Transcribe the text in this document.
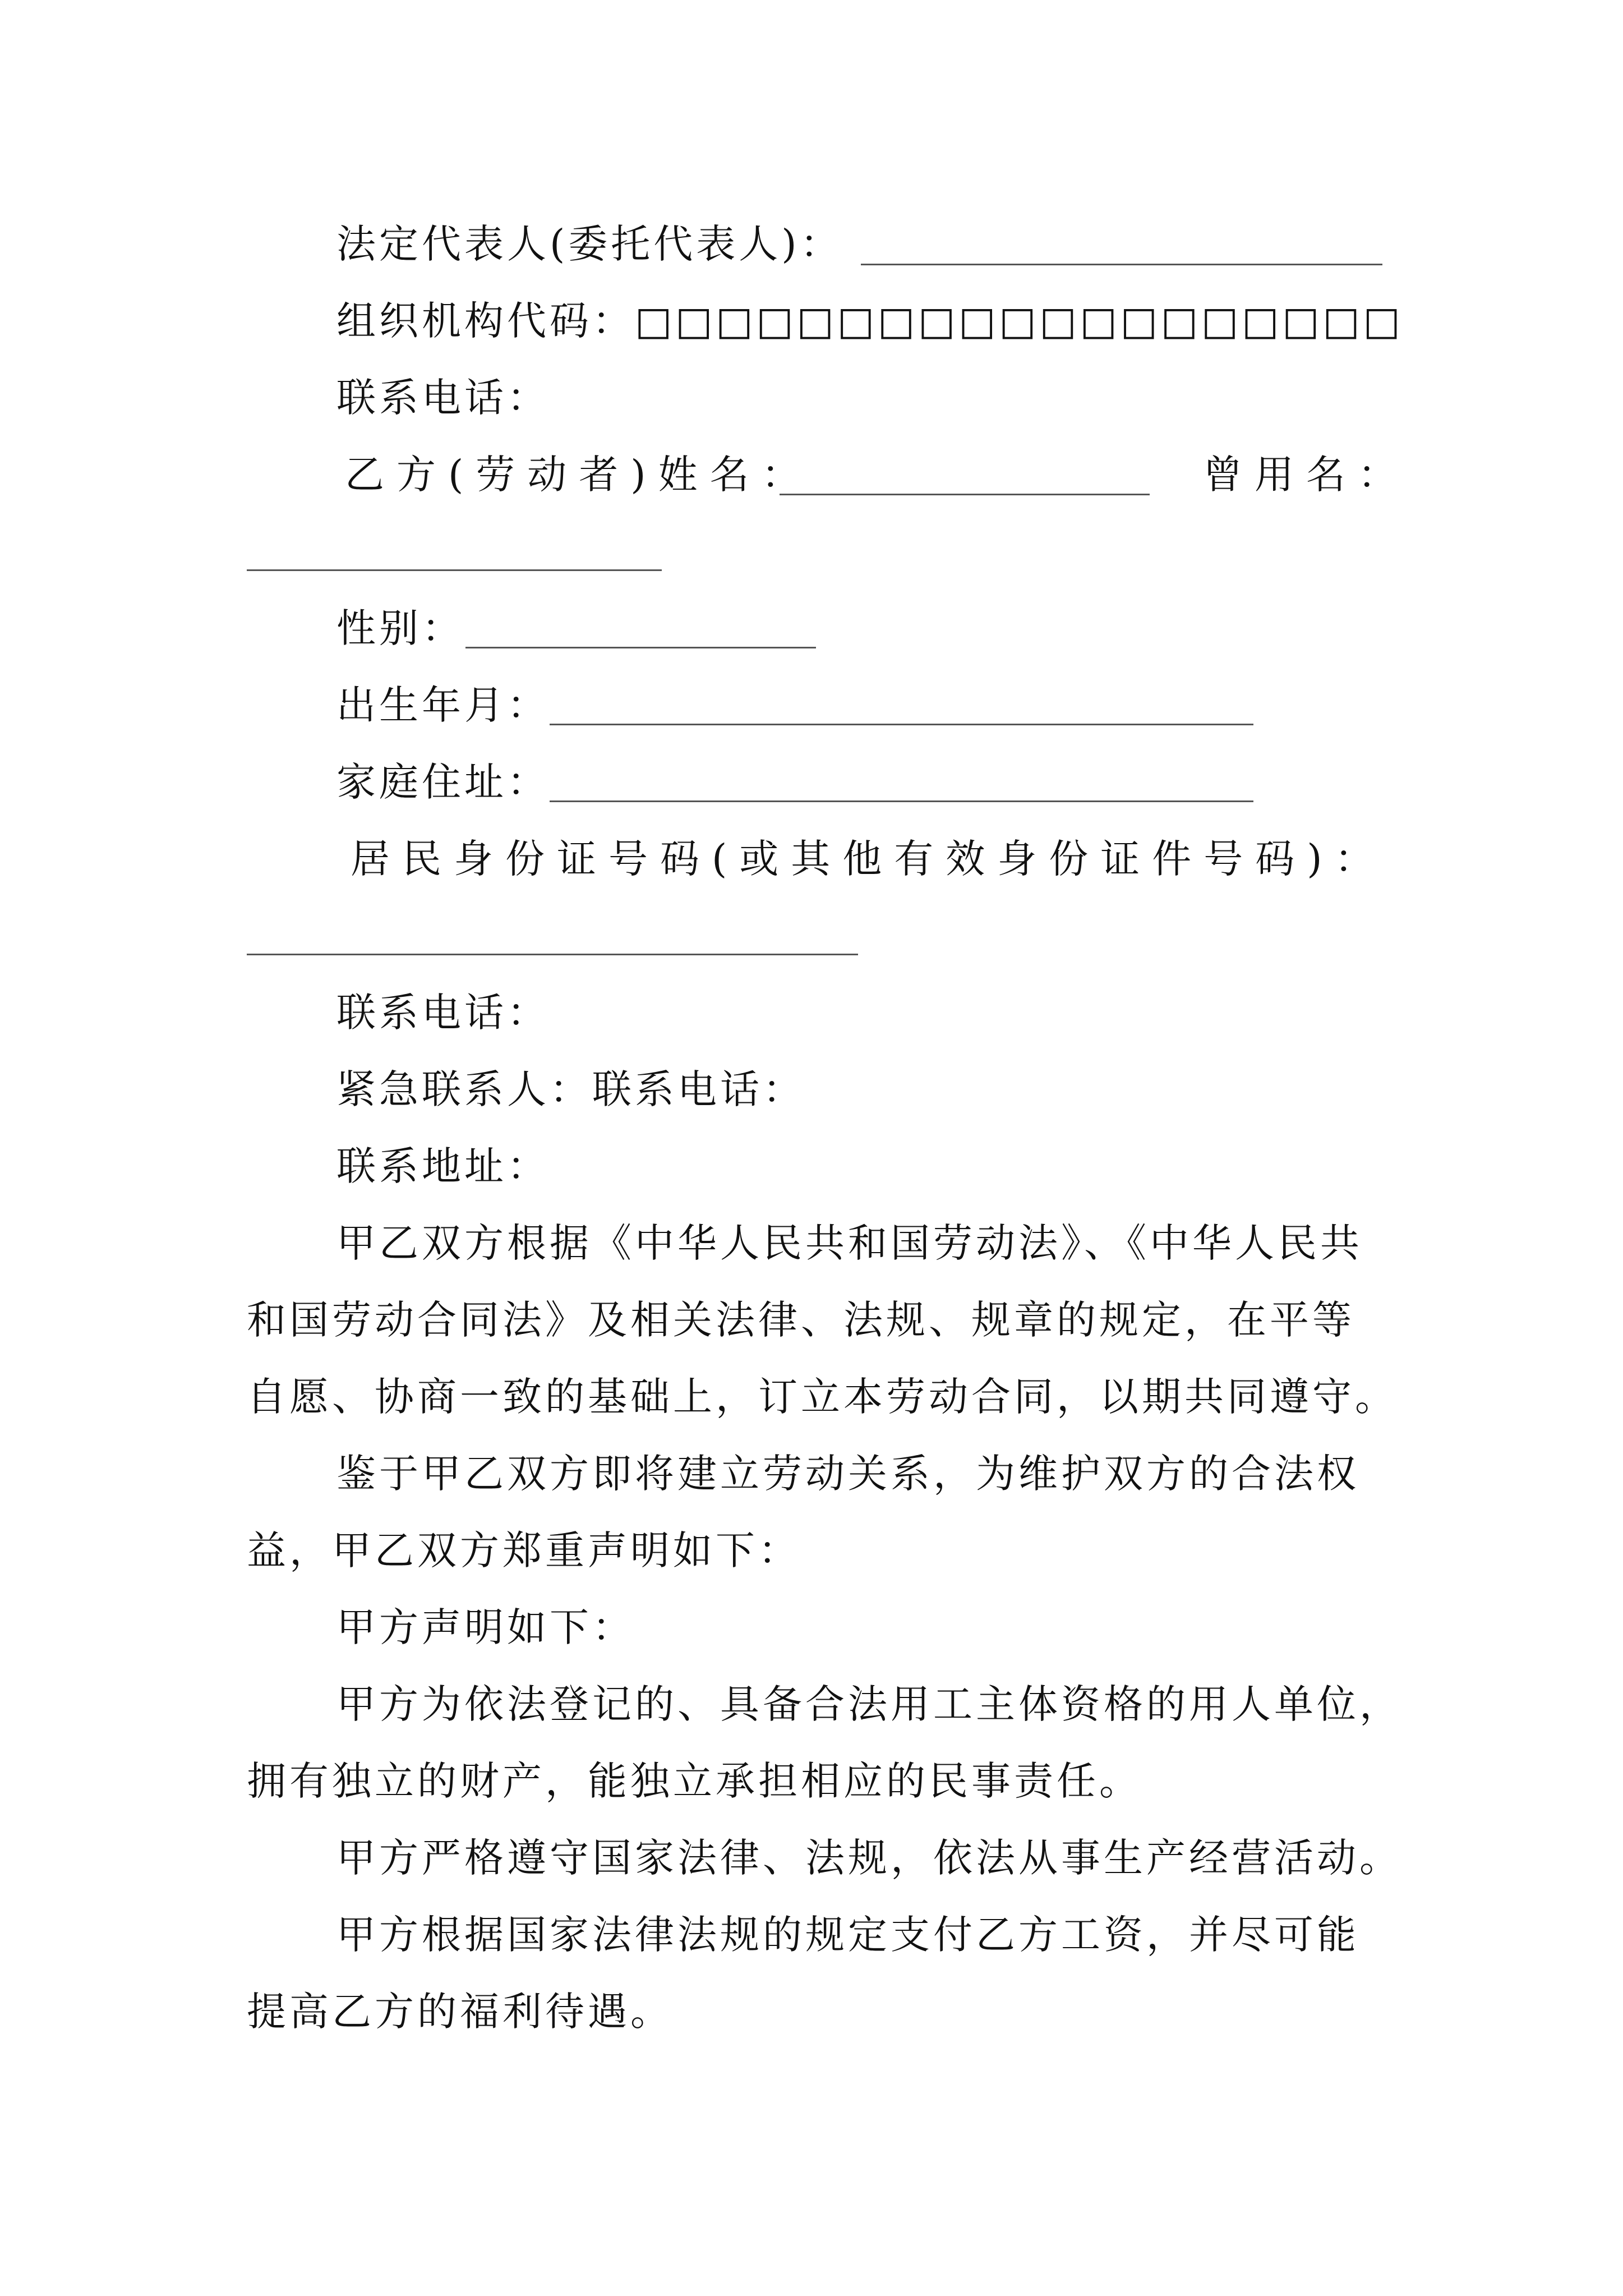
法定代表人(委托代表人)：
组织机构代码：□□□□□□□□□□□□□□□□□□□
联系电话：
乙方(劳动者)姓名：	曾用名：
性别：
出生年月：
家庭住址：
居民身份证号码(或其他有效身份证件号码)：
联系电话：
紧急联系人：联系电话：
联系地址：
甲乙双方根据《中华人民共和国劳动法》、《中华人民共
和国劳动合同法》及相关法律、法规、规章的规定，在平等
自愿、协商一致的基础上，订立本劳动合同，以期共同遵守。
鉴于甲乙双方即将建立劳动关系，为维护双方的合法权
益，甲乙双方郑重声明如下：
甲方声明如下：
甲方为依法登记的、具备合法用工主体资格的用人单位，
拥有独立的财产，能独立承担相应的民事责任。
甲方严格遵守国家法律、法规，依法从事生产经营活动。
甲方根据国家法律法规的规定支付乙方工资，并尽可能
提高乙方的福利待遇。
